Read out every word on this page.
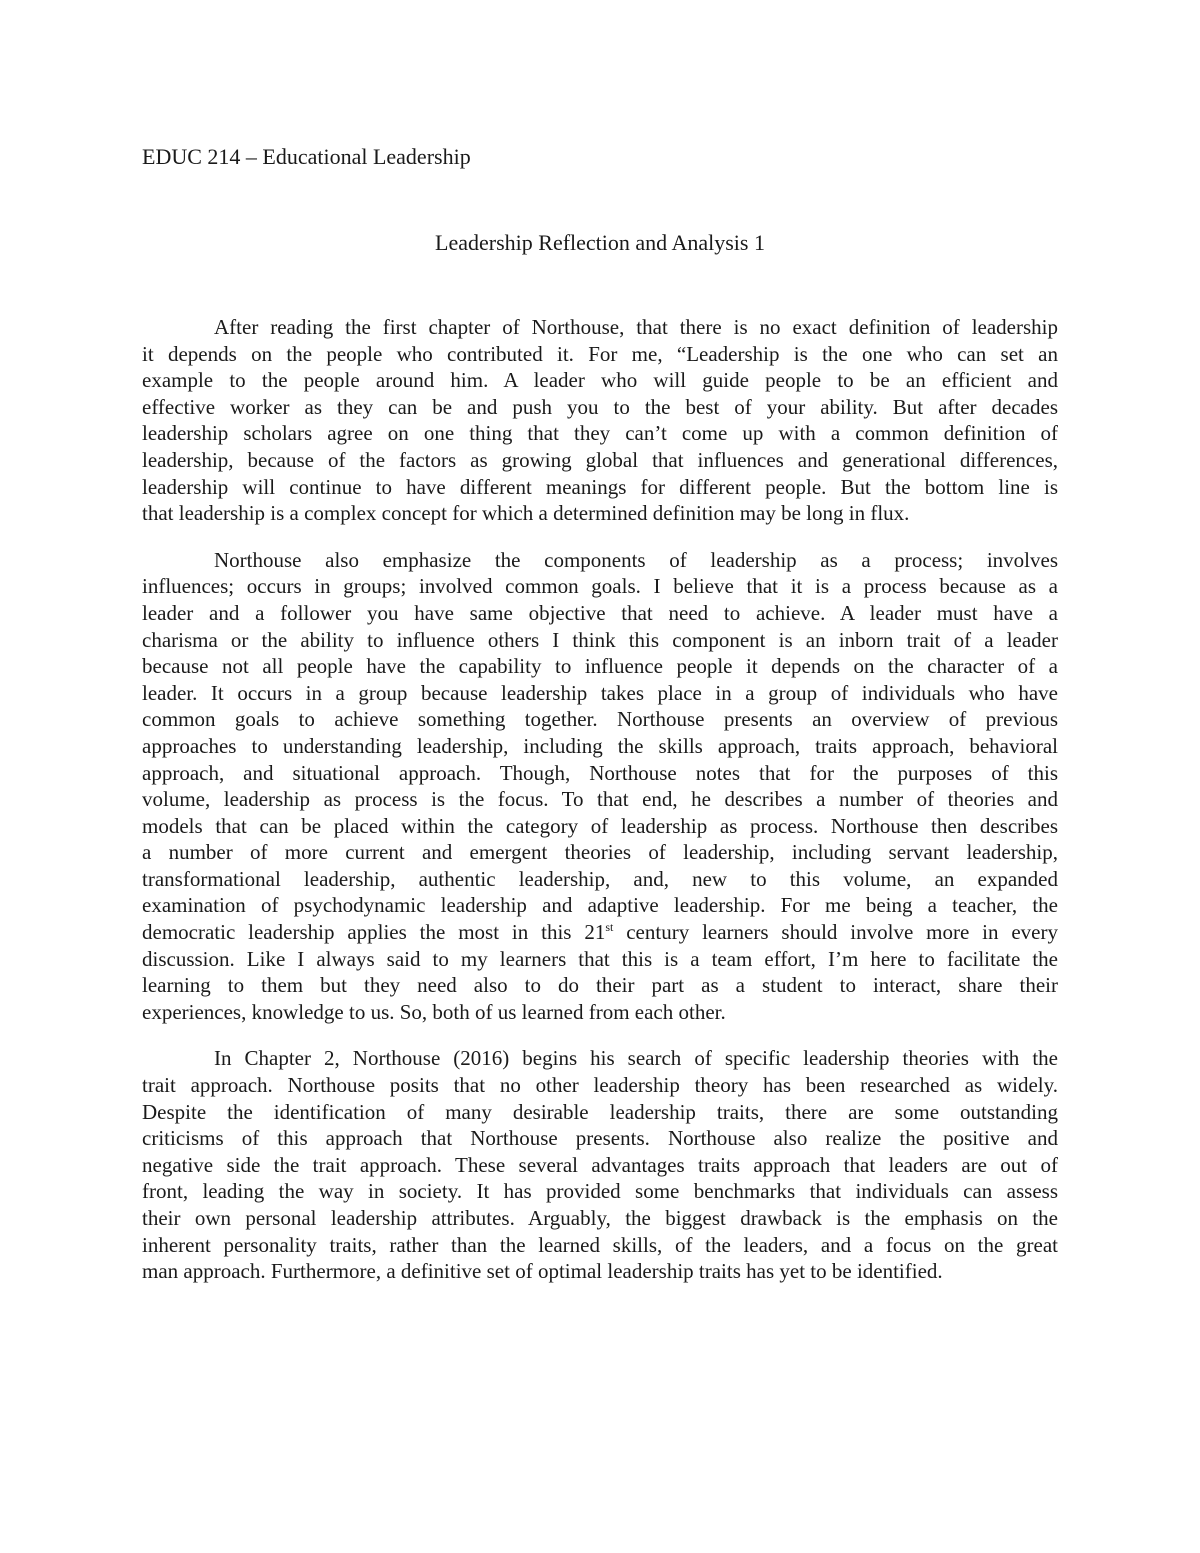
EDUC 214 – Educational Leadership
Leadership Reflection and Analysis 1

After reading the first chapter of Northouse, that there is no exact definition of leadership
it depends on the people who contributed it. For me, “Leadership is the one who can set an
example to the people around him. A leader who will guide people to be an efficient and
effective worker as they can be and push you to the best of your ability. But after decades
leadership scholars agree on one thing that they can’t come up with a common definition of
leadership, because of the factors as growing global that influences and generational differences,
leadership will continue to have different meanings for different people. But the bottom line is
that leadership is a complex concept for which a determined definition may be long in flux.

Northouse also emphasize the components of leadership as a process; involves
influences; occurs in groups; involved common goals. I believe that it is a process because as a
leader and a follower you have same objective that need to achieve. A leader must have a
charisma or the ability to influence others I think this component is an inborn trait of a leader
because not all people have the capability to influence people it depends on the character of a
leader. It occurs in a group because leadership takes place in a group of individuals who have
common goals to achieve something together. Northouse presents an overview of previous
approaches to understanding leadership, including the skills approach, traits approach, behavioral
approach, and situational approach. Though, Northouse notes that for the purposes of this
volume, leadership as process is the focus. To that end, he describes a number of theories and
models that can be placed within the category of leadership as process. Northouse then describes
a number of more current and emergent theories of leadership, including servant leadership,
transformational leadership, authentic leadership, and, new to this volume, an expanded
examination of psychodynamic leadership and adaptive leadership. For me being a teacher, the
democratic leadership applies the most in this 21st century learners should involve more in every
discussion. Like I always said to my learners that this is a team effort, I’m here to facilitate the
learning to them but they need also to do their part as a student to interact, share their
experiences, knowledge to us. So, both of us learned from each other.

In Chapter 2, Northouse (2016) begins his search of specific leadership theories with the
trait approach. Northouse posits that no other leadership theory has been researched as widely.
Despite the identification of many desirable leadership traits, there are some outstanding
criticisms of this approach that Northouse presents. Northouse also realize the positive and
negative side the trait approach. These several advantages traits approach that leaders are out of
front, leading the way in society. It has provided some benchmarks that individuals can assess
their own personal leadership attributes. Arguably, the biggest drawback is the emphasis on the
inherent personality traits, rather than the learned skills, of the leaders, and a focus on the great
man approach. Furthermore, a definitive set of optimal leadership traits has yet to be identified.
